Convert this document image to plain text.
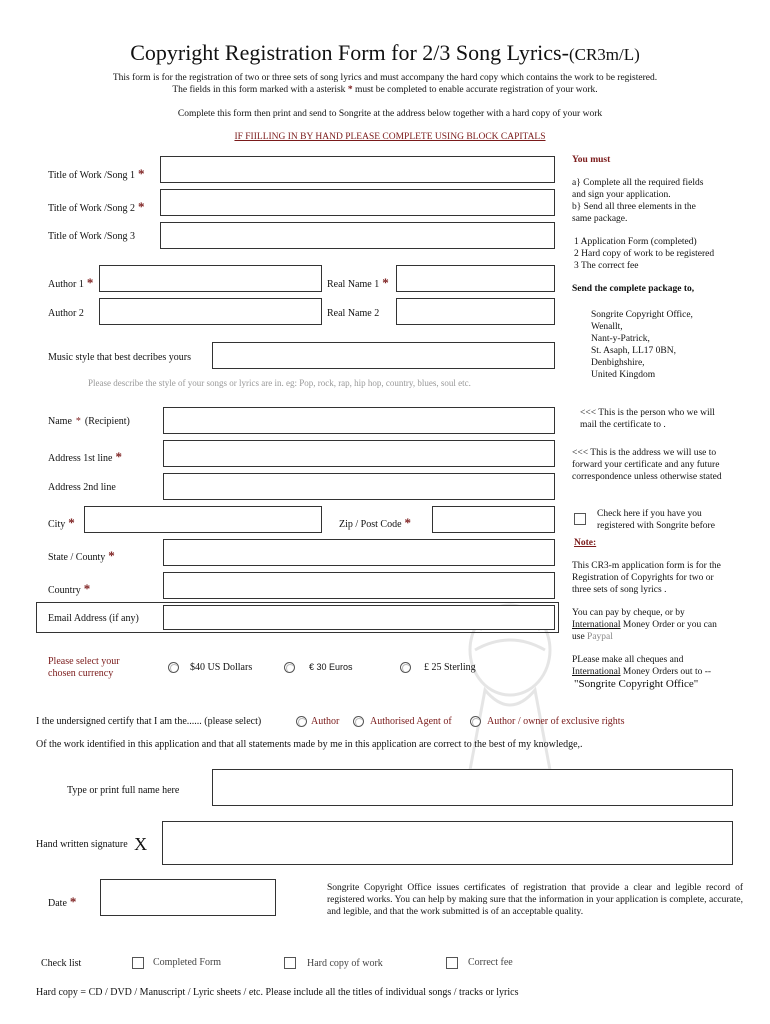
Copyright Registration Form for 2/3 Song Lyrics-(CR3m/L)
This form is for the registration of two or three sets of song lyrics and must accompany the hard copy which contains the work to be registered.
The fields in this form marked with a asterisk * must be completed to enable accurate registration of your work.
Complete this form then print and send to Songrite at the address below together with a hard copy of your work
IF FIILLING IN BY HAND PLEASE COMPLETE USING BLOCK CAPITALS
Title of Work /Song 1 *
Title of Work /Song 2 *
Title of Work /Song 3
Author 1 *	Real Name 1 *
Author 2	Real Name 2
Music style that best decribes yours
Please describe the style of your songs or lyrics are in. eg: Pop, rock, rap, hip hop, country, blues, soul etc.
Name * (Recipient)
Address 1st line *
Address 2nd line
City *	Zip / Post Code *
State / County *
Country *
Email Address (if any)
Please select your
chosen currency
$40 US Dollars	€ 30 Euros	£ 25 Sterling
I the undersigned certify that I am the...... (please select)	Author	Authorised Agent of	Author / owner of exclusive rights
Of the work identified in this application and that all statements made by me in this application are correct to the best of my knowledge,.
Type or print full name here
Hand written signature X
Date *
Songrite Copyright Office issues certificates of registration that provide a clear and legible record of registered works. You can help by making sure that the information in your application is complete, accurate, and legible, and that the work submitted is of an acceptable quality.
Check list	Completed Form	Hard copy of work	Correct fee
Hard copy = CD / DVD / Manuscript / Lyric sheets / etc. Please include all the titles of individual songs / tracks or lyrics
You must
a} Complete all the required fields
and sign your application.
b} Send all three elements in the
same package.
1 Application Form (completed)
2 Hard copy of work to be registered
3 The correct fee
Send the complete package to,
Songrite Copyright Office,
Wenallt,
Nant-y-Patrick,
St. Asaph, LL17 0BN,
Denbighshire,
United Kingdom
<<< This is the person who we will
mail the certificate to .
<<< This is the address we will use to
forward your certificate and any future
correspondence unless otherwise stated
Check here if you have you
registered with Songrite before
Note:
This CR3-m application form is for the
Registration of Copyrights for two or
three sets of song lyrics .
You can pay by cheque, or by
International Money Order or you can
use Paypal
PLease make all cheques and
International Money Orders out to --
"Songrite Copyright Office"
